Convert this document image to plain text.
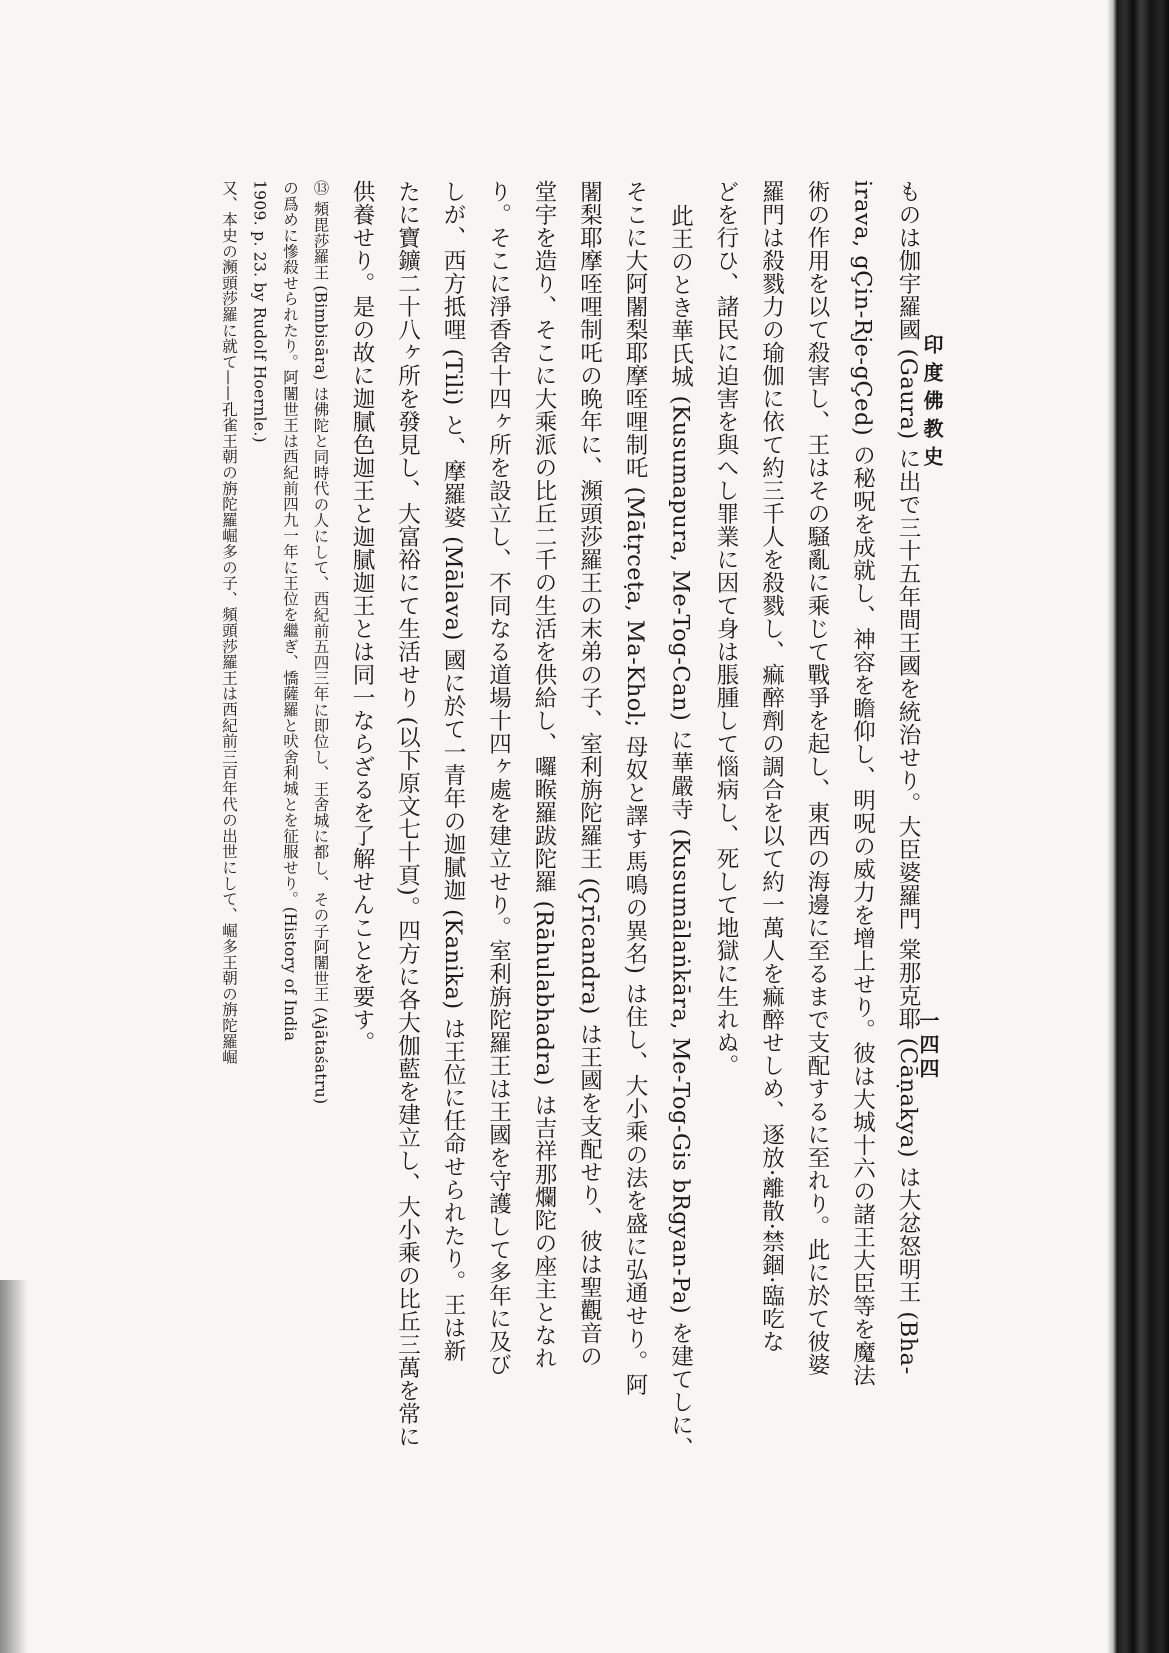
印度佛教史
一四四
ものは伽宇羅國 (Gaura) に出で三十五年間王國を統治せり。大臣婆羅門 棠那克耶 (Cāṇakya) は大忿怒明王 (Bha-
irava, gÇin-Rje-gÇed) の秘呪を成就し、神容を瞻仰し、明呪の威力を增上せり。彼は大城十六の諸王大臣等を魔法
術の作用を以て殺害し、王はその騒亂に乘じて戰爭を起し、東西の海邊に至るまで支配するに至れり。此に於て彼婆
羅門は殺戮力の瑜伽に依て約三千人を殺戮し、痲醉劑の調合を以て約一萬人を痲醉せしめ、逐放·離散·禁錮·臨吃な
どを行ひ、諸民に迫害を與へし罪業に因て身は脹腫して惱病し、死して地獄に生れぬ。
此王のとき華氏城 (Kusumapura, Me-Tog-Can) に華嚴寺 (Kusumālaṅkāra, Me-Tog-Gis bRgyan-Pa) を建てしに、
そこに大阿闍梨耶摩咥哩制吒 (Mātṛceṭa, Ma-Khol; 母奴と譯す馬鳴の異名) は住し、大小乘の法を盛に弘通せり。阿
闍梨耶摩咥哩制吒の晩年に、瀕頭莎羅王の末弟の子、室利旃陀羅王 (Çrīcandra) は王國を支配せり、彼は聖觀音の
堂宇を造り、そこに大乘派の比丘二千の生活を供給し、囉睺羅跋陀羅 (Rāhulabhadra) は吉祥那爛陀の座主となれ
り。そこに淨香舍十四ヶ所を設立し、不同なる道場十四ヶ處を建立せり。室利旃陀羅王は王國を守護して多年に及び
しが、西方抵哩 (Tili) と、摩羅婆 (Mālava) 國に於て一青年の迦膩迦 (Kanika) は王位に任命せられたり。王は新
たに寶鑛二十八ヶ所を發見し、大富裕にて生活せり (以下原文七十頁)。四方に各大伽藍を建立し、大小乘の比丘三萬を常に
供養せり。是の故に迦膩色迦王と迦膩迦王とは同一ならざるを了解せんことを要す。
⑬ 頻毘莎羅王 (Bimbisāra) は佛陀と同時代の人にして、西紀前五四三年に即位し、王舍城に都し、その子阿闍世王 (Ajātaśatru)
の爲めに慘殺せられたり。阿闍世王は西紀前四九一年に王位を繼ぎ、憍薩羅と吠舍利城とを征服せり。(History of India
1909. p. 23. by Rudolf Hoernle.)
又、本史の瀕頭莎羅に就て——孔雀王朝の旃陀羅崛多の子、頻頭莎羅王は西紀前三百年代の出世にして、崛多王朝の旃陀羅崛
